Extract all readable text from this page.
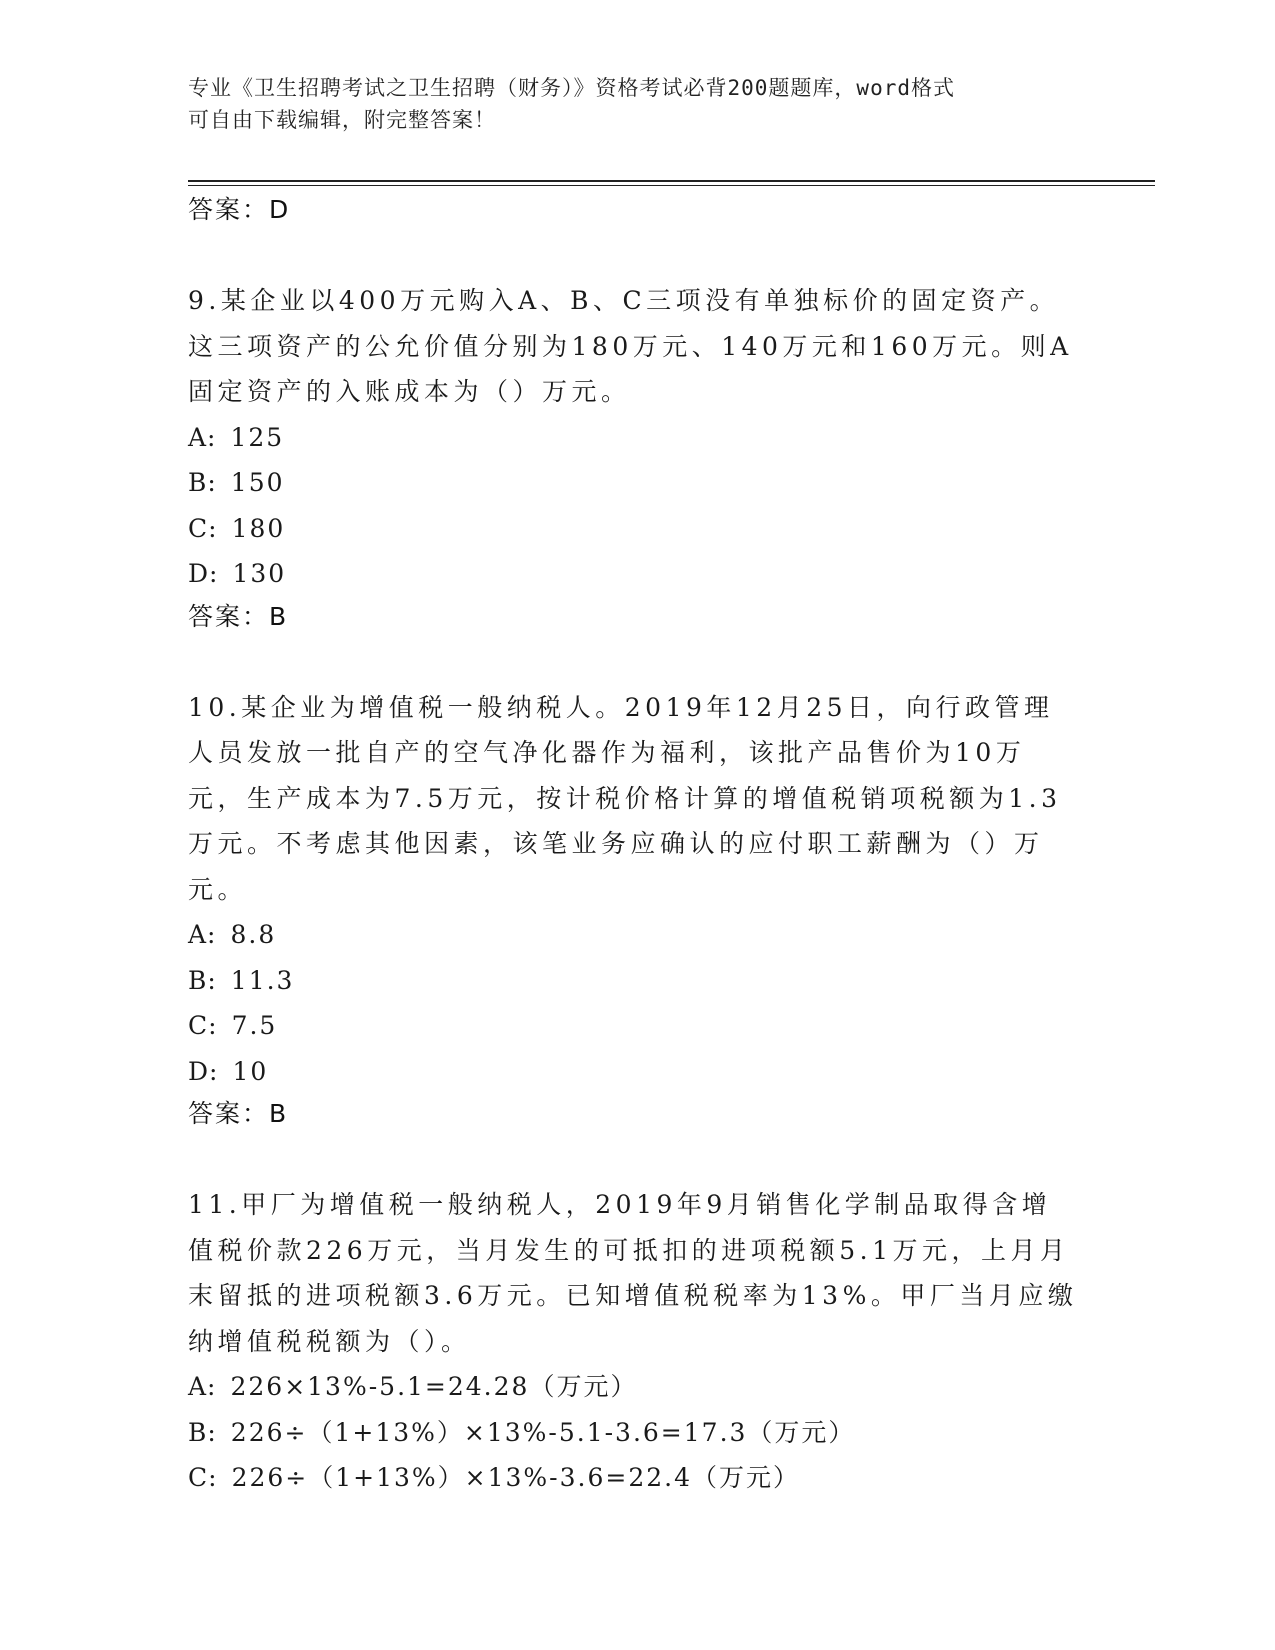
专业《卫生招聘考试之卫生招聘（财务）》资格考试必背200题题库，word格式
可自由下载编辑，附完整答案！

答案：D

9.某企业以400万元购入A、B、C三项没有单独标价的固定资产。这三项资产的公允价值分别为180万元、140万元和160万元。则A固定资产的入账成本为（）万元。

A: 125

B: 150

C: 180

D: 130

答案：B

10.某企业为增值税一般纳税人。2019年12月25日，向行政管理人员发放一批自产的空气净化器作为福利，该批产品售价为10万元，生产成本为7.5万元，按计税价格计算的增值税销项税额为1.3万元。不考虑其他因素，该笔业务应确认的应付职工薪酬为（）万元。

A: 8.8

B: 11.3

C: 7.5

D: 10

答案：B

11.甲厂为增值税一般纳税人，2019年9月销售化学制品取得含增值税价款226万元，当月发生的可抵扣的进项税额5.1万元，上月月末留抵的进项税额3.6万元。已知增值税税率为13%。甲厂当月应缴纳增值税税额为（）。

A: 226×13%-5.1=24.28（万元）

B: 226÷（1+13%）×13%-5.1-3.6=17.3（万元）

C: 226÷（1+13%）×13%-3.6=22.4（万元）
